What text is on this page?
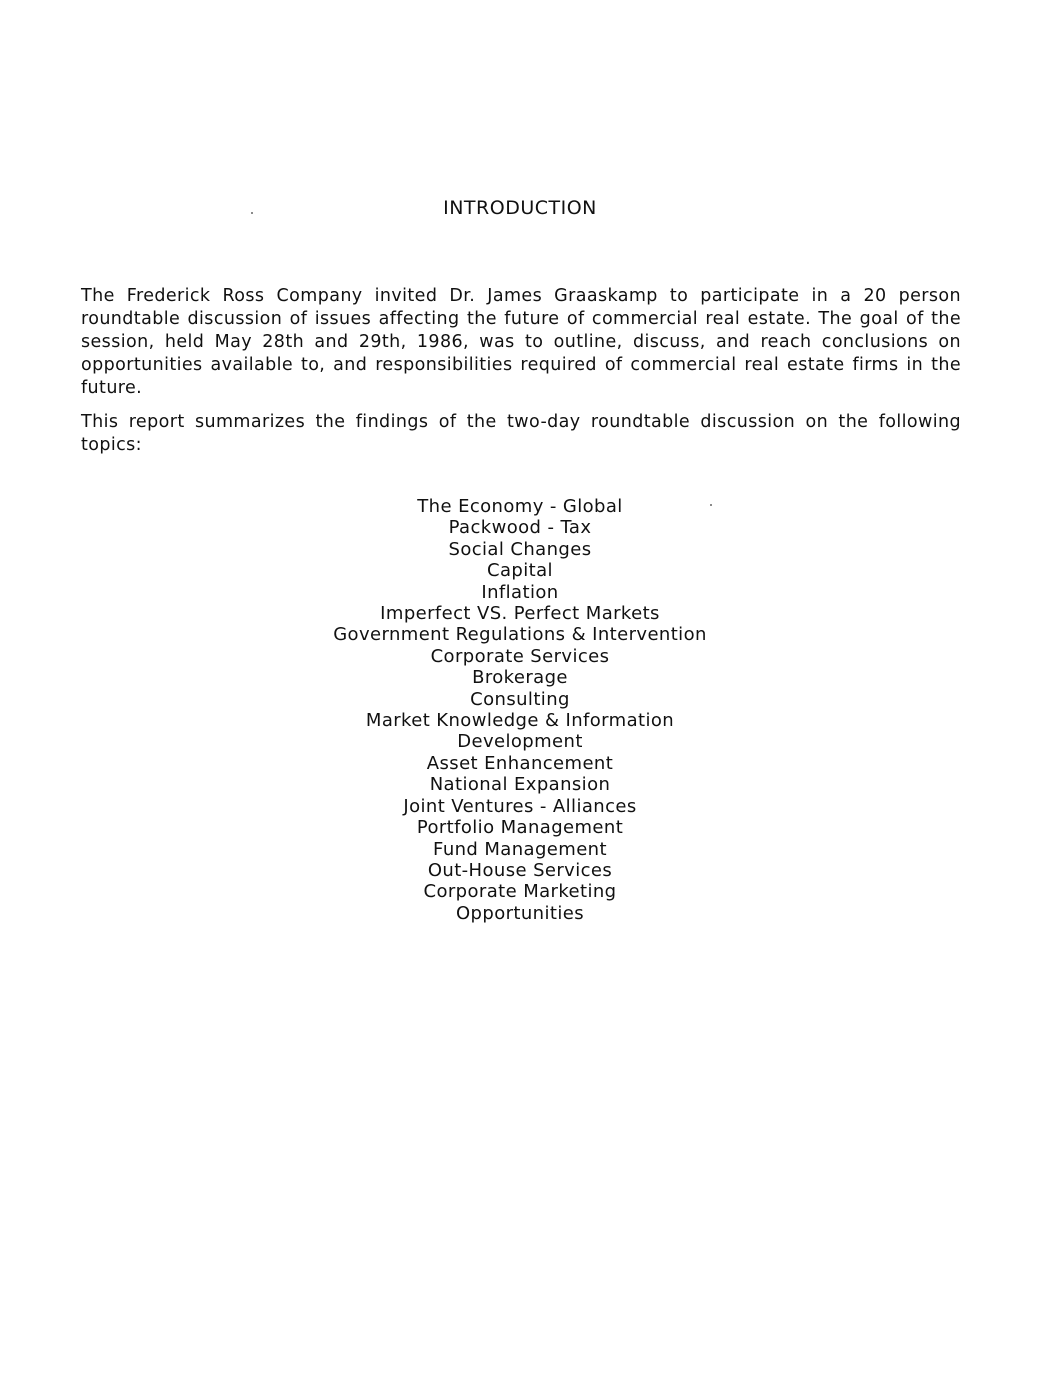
INTRODUCTION

The Frederick Ross Company invited Dr. James Graaskamp to participate in a 20 person roundtable discussion of issues affecting the future of commercial real estate. The goal of the session, held May 28th and 29th, 1986, was to outline, discuss, and reach conclusions on opportunities available to, and responsibilities required of commercial real estate firms in the future.

This report summarizes the findings of the two-day roundtable discussion on the following topics:

The Economy - Global
Packwood - Tax
Social Changes
Capital
Inflation
Imperfect VS. Perfect Markets
Government Regulations & Intervention
Corporate Services
Brokerage
Consulting
Market Knowledge & Information
Development
Asset Enhancement
National Expansion
Joint Ventures - Alliances
Portfolio Management
Fund Management
Out-House Services
Corporate Marketing
Opportunities
